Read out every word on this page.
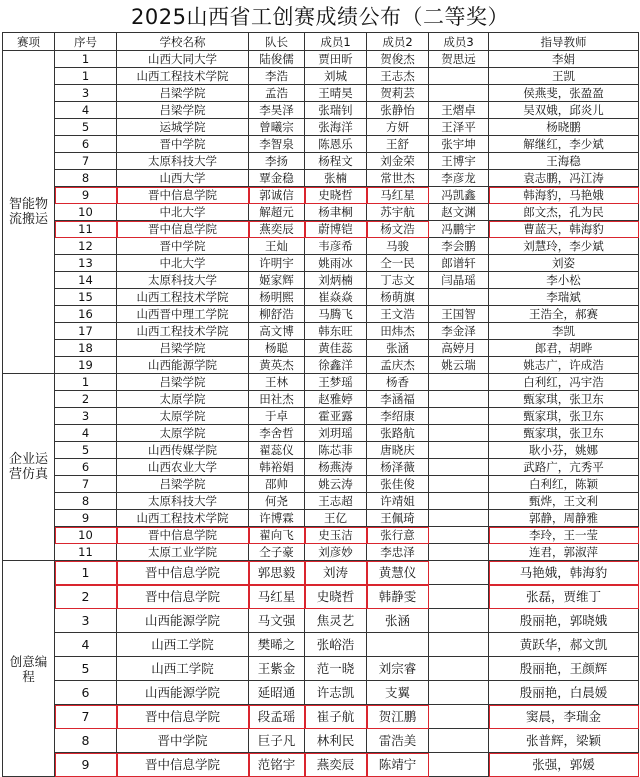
2025山西省工创赛成绩公布（二等奖）
赛项	序号	学校名称	队长	成员1	成员2	成员3	指导教师
智能物流搬运	1	山西大同大学	陆俊儒	贾田昕	贺俊杰	贺思远	李娟
	1	山西工程技术学院	李浩	刘城	王志杰		王凯
	3	吕梁学院	孟浩	王晴昊	贺莉芸		侯燕斐，张盈盈
	4	吕梁学院	李昊泽	张瑞钊	张静怡	王熠卓	吴双娥，邱炎儿
	5	运城学院	曾曦宗	张海洋	方妍	王泽平	杨晓鹏
	6	晋中学院	李智泉	陈恩乐	王舒	张宇坤	解继红，李少斌
	7	太原科技大学	李扬	杨程文	刘金荣	王博宇	王海稳
	8	山西大学	覃金稳	张楠	常世杰	李彦龙	袁志鹏，冯江涛
	9	晋中信息学院	郭诚信	史晓哲	马红星	冯凯鑫	韩海豹，马艳娥
	10	中北大学	解超元	杨聿桐	苏宇航	赵文渊	郎文杰，孔为民
	11	晋中信息学院	燕奕辰	蔚博铠	杨文浩	冯鹏宇	曹蓝天，韩海豹
	12	晋中学院	王灿	韦彦希	马骏	李会鹏	刘慧玲，李少斌
	13	中北大学	许明宇	姚雨冰	仝一民	郎谱轩	刘姿
	14	太原科技大学	姬家辉	刘炳楠	丁志文	闫晶瑶	李小松
	15	山西工程技术学院	杨明熙	崔焱焱	杨萌旗		李瑞斌
	16	山西晋中理工学院	柳舒浩	马腾飞	王文浩	王国智	王浩全，郝赛
	17	山西工程技术学院	高文博	韩东旺	田炜杰	李金泽	李凯
	18	吕梁学院	杨聪	黄佳蕊	张涵	高婷月	郎君，胡晔
	19	山西能源学院	黄英杰	徐鑫洋	孟庆杰	姚云瑞	姚志广，许成浩
企业运营仿真	1	吕梁学院	王林	王梦瑶	杨香		白利红，冯宇浩
	2	太原学院	田社杰	赵雅婷	李涵福		甄家琪，张卫东
	3	太原学院	于卓	霍亚露	李绍康		甄家琪，张卫东
	4	太原学院	李舍哲	刘玥瑶	张路航		甄家琪，张卫东
	5	山西传媒学院	翟蕊仪	陈芯菲	唐晓庆		耿小芬，姚娜
	6	山西农业大学	韩裕娟	杨燕涛	杨泽薇		武路广，亢秀平
	7	吕梁学院	邵帅	姚云涛	张佳俊		白利红，陈颖
	8	太原科技大学	何尧	王志超	许靖姐		甄烨，王文利
	9	山西工程技术学院	许博霖	王亿	王佩琦		郭静，周静雅
	10	晋中信息学院	翟向飞	史玉洁	张行意		李玲，王一莹
	11	太原工业学院	仝子豪	刘彦妙	李忠泽		连君，郭淑萍
创意编程	1	晋中信息学院	郭思毅	刘涛	黄慧仪		马艳娥，韩海豹
	2	晋中信息学院	马红星	史晓哲	韩静雯		张磊，贾维丁
	3	山西能源学院	马文强	焦灵艺	张涵		殷丽艳，郭晓娥
	4	山西工学院	樊晞之	张峪浩			黄跃华，郝文凯
	5	山西工学院	王紫金	范一晓	刘宗睿		殷丽艳，王颜辉
	6	山西能源学院	延昭通	许志凯	支翼		殷丽艳，白晨媛
	7	晋中信息学院	段孟瑶	崔子航	贺江鹏		窦晨，李瑞金
	8	晋中学院	巨子凡	林利民	雷浩美		张普辉，梁颖
	9	晋中信息学院	范铭宇	燕奕辰	陈靖宁		张强，郭媛
